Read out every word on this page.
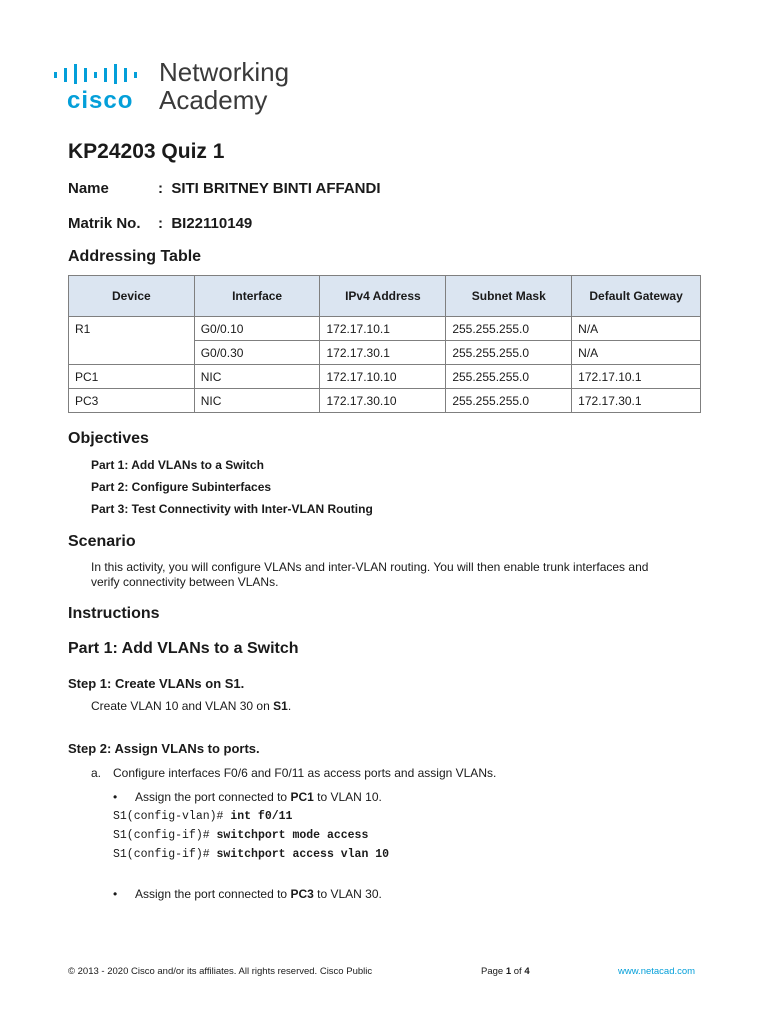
cisco
Networking
Academy
KP24203 Quiz 1
Name	: SITI BRITNEY BINTI AFFANDI
Matrik No. : BI22110149
Addressing Table
Device	Interface	IPv4 Address	Subnet Mask	Default Gateway
R1	G0/0.10	172.17.10.1	255.255.255.0	N/A
	G0/0.30	172.17.30.1	255.255.255.0	N/A
PC1	NIC	172.17.10.10	255.255.255.0	172.17.10.1
PC3	NIC	172.17.30.10	255.255.255.0	172.17.30.1
Objectives
Part 1: Add VLANs to a Switch
Part 2: Configure Subinterfaces
Part 3: Test Connectivity with Inter-VLAN Routing
Scenario
In this activity, you will configure VLANs and inter-VLAN routing. You will then enable trunk interfaces and
verify connectivity between VLANs.
Instructions
Part 1: Add VLANs to a Switch
Step 1: Create VLANs on S1.
Create VLAN 10 and VLAN 30 on S1.
Step 2: Assign VLANs to ports.
a. Configure interfaces F0/6 and F0/11 as access ports and assign VLANs.
• Assign the port connected to PC1 to VLAN 10.
S1(config-vlan)# int f0/11
S1(config-if)# switchport mode access
S1(config-if)# switchport access vlan 10
• Assign the port connected to PC3 to VLAN 30.
© 2013 - 2020 Cisco and/or its affiliates. All rights reserved. Cisco Public	Page 1 of 4	www.netacad.com
